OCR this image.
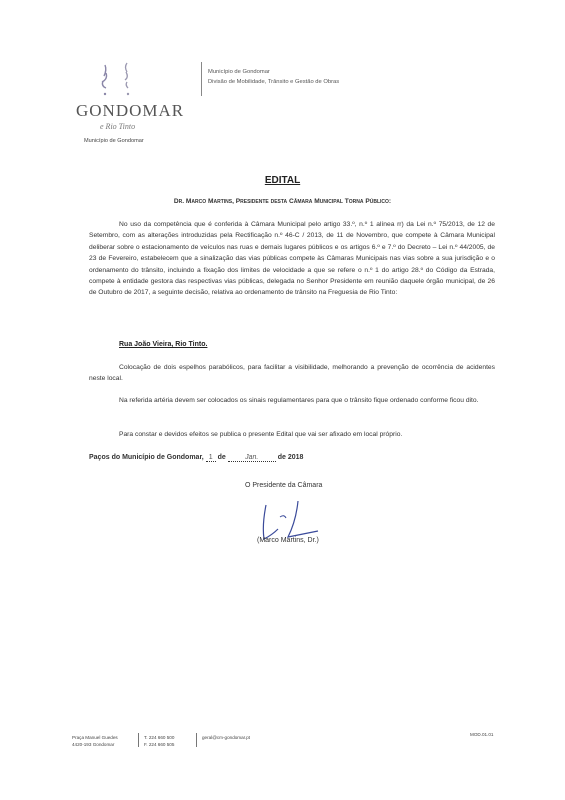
GONDOMAR
e Rio Tinto
Município de Gondomar
Município de Gondomar
Divisão de Mobilidade, Trânsito e Gestão de Obras
EDITAL
Dr. Marco Martins, Presidente desta Câmara Municipal Torna Público:
No uso da competência que é conferida à Câmara Municipal pelo artigo 33.º, n.º 1 alínea rr) da Lei n.º 75/2013, de 12 de Setembro, com as alterações introduzidas pela Rectificação n.º 46-C / 2013, de 11 de Novembro, que compete à Câmara Municipal deliberar sobre o estacionamento de veículos nas ruas e demais lugares públicos e os artigos 6.º e 7.º do Decreto – Lei n.º 44/2005, de 23 de Fevereiro, estabelecem que a sinalização das vias públicas compete às Câmaras Municipais nas vias sobre a sua jurisdição e o ordenamento do trânsito, incluindo a fixação dos limites de velocidade a que se refere o n.º 1 do artigo 28.º do Código da Estrada, compete à entidade gestora das respectivas vias públicas, delegada no Senhor Presidente em reunião daquele órgão municipal, de 26 de Outubro de 2017, a seguinte decisão, relativa ao ordenamento de trânsito na Freguesia de Rio Tinto:
Rua João Vieira, Rio Tinto.
Colocação de dois espelhos parabólicos, para facilitar a visibilidade, melhorando a prevenção de ocorrência de acidentes neste local.
Na referida artéria devem ser colocados os sinais regulamentares para que o trânsito fique ordenado conforme ficou dito.
Para constar e devidos efeitos se publica o presente Edital que vai ser afixado em local próprio.
Paços do Município de Gondomar, 1 de	Jan.	de 2018
O Presidente da Câmara
(Marco Martins, Dr.)
Praça Manuel Guedes
4420-193 Gondomar
T. 224 660 500
F. 224 660 505
geral@cm-gondomar.pt
MOD.01.01
